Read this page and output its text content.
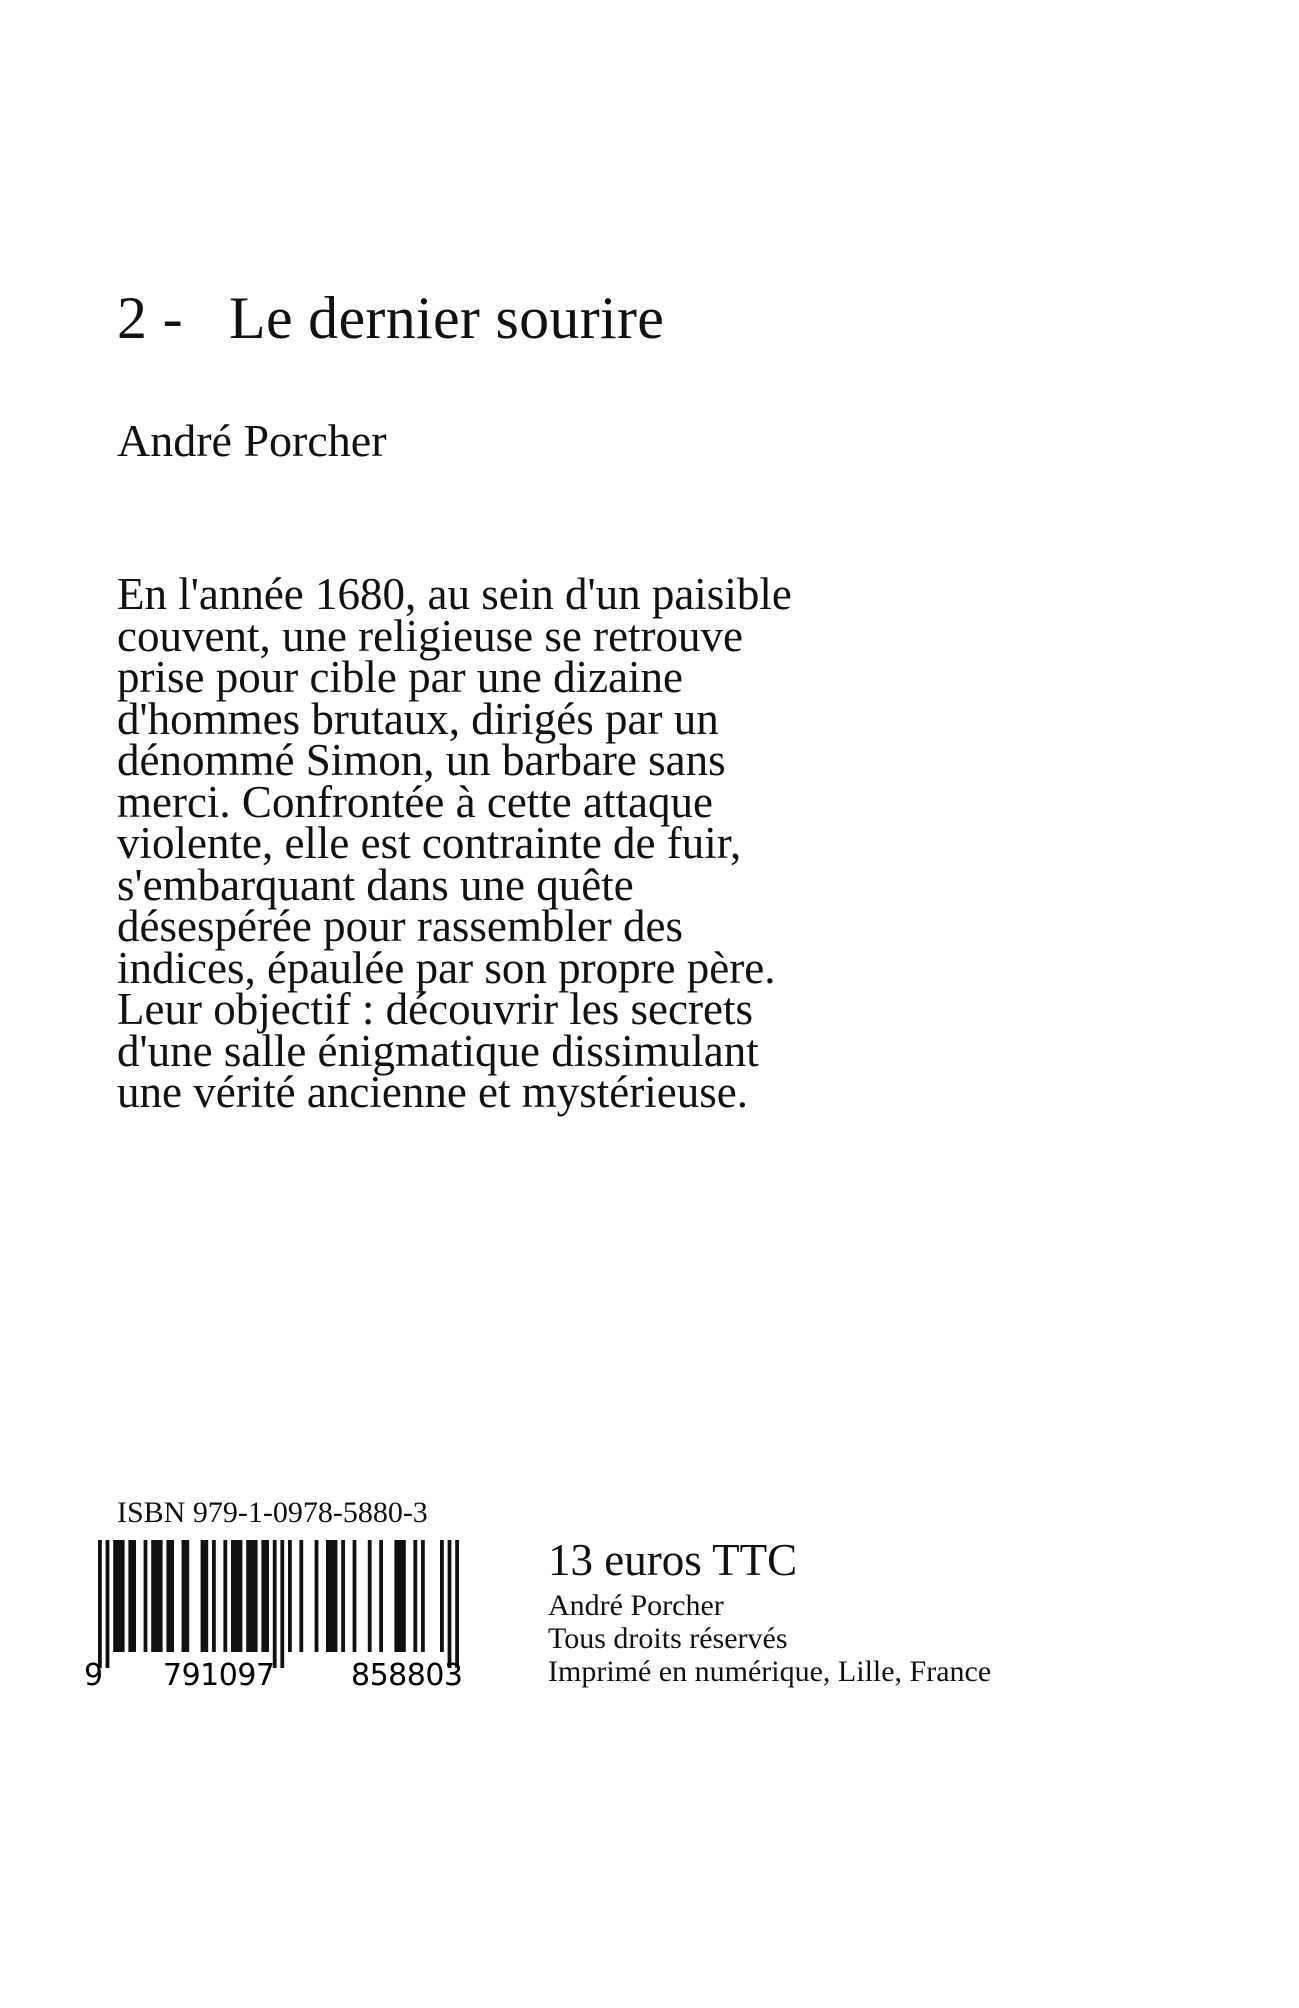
2 - Le dernier sourire
André Porcher
En l'année 1680, au sein d'un paisible
couvent, une religieuse se retrouve
prise pour cible par une dizaine
d'hommes brutaux, dirigés par un
dénommé Simon, un barbare sans
merci. Confrontée à cette attaque
violente, elle est contrainte de fuir,
s'embarquant dans une quête
désespérée pour rassembler des
indices, épaulée par son propre père.
Leur objectif : découvrir les secrets
d'une salle énigmatique dissimulant
une vérité ancienne et mystérieuse.
ISBN 979-1-0978-5880-3
9 791097	858803
13 euros TTC
André Porcher
Tous droits réservés
Imprimé en numérique, Lille, France
